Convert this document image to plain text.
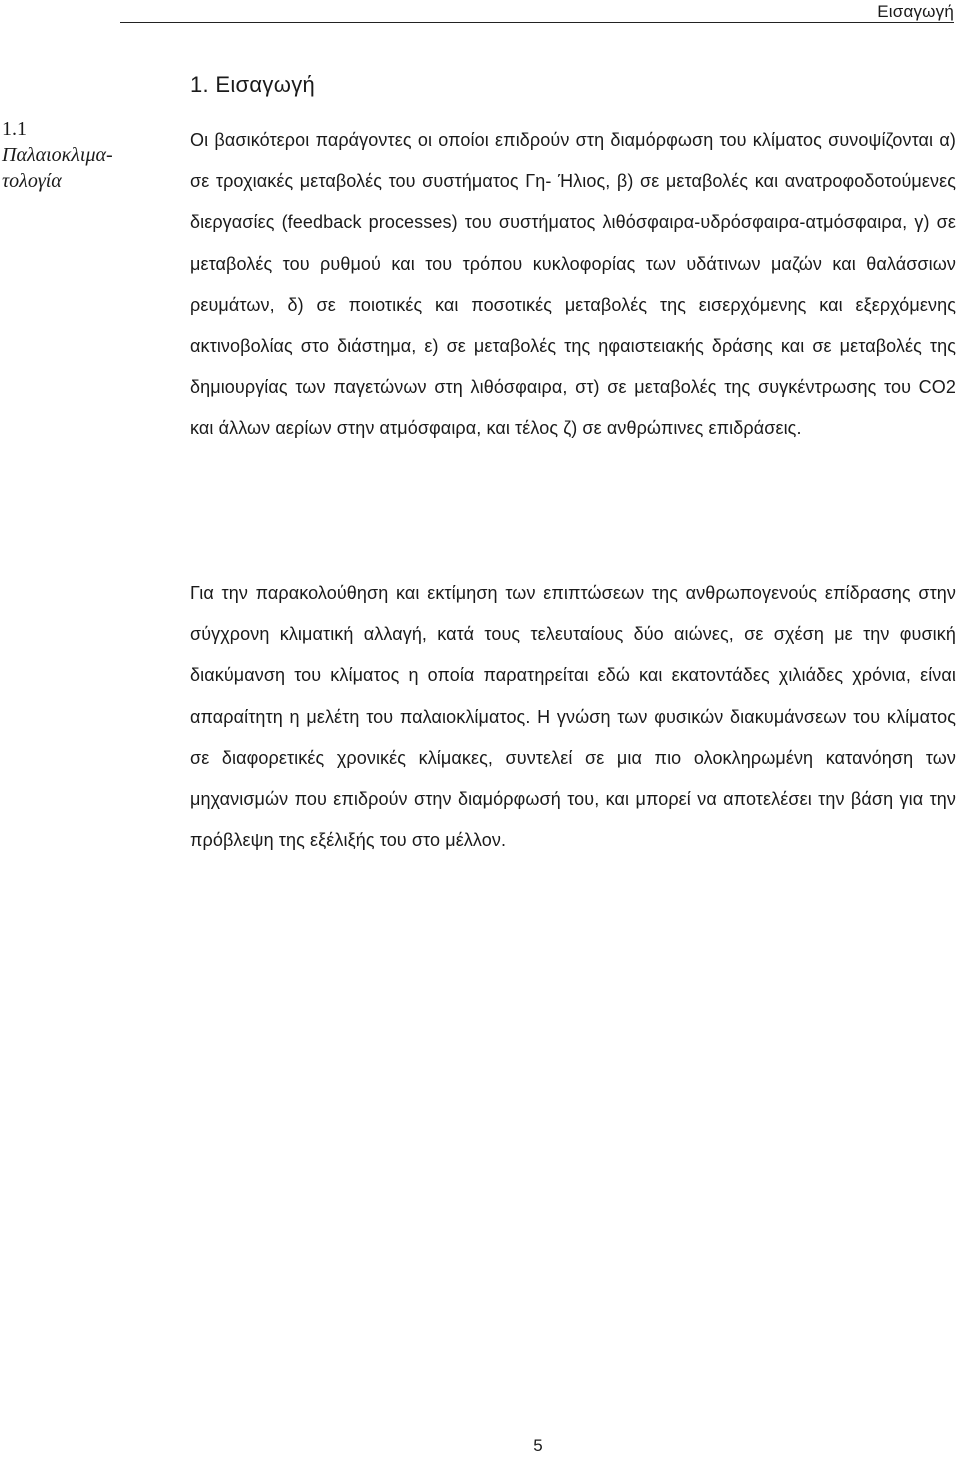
Εισαγωγή
1. Εισαγωγή
1.1
Παλαιοκλιμα-τολογία

Οι βασικότεροι παράγοντες οι οποίοι επιδρούν στη διαμόρφωση του κλίματος συνοψίζονται α) σε τροχιακές μεταβολές του συστήματος Γη- Ήλιος, β) σε μεταβολές και ανατροφοδοτούμενες διεργασίες (feedback processes) του συστήματος λιθόσφαιρα-υδρόσφαιρα-ατμόσφαιρα, γ) σε μεταβολές του ρυθμού και του τρόπου κυκλοφορίας των υδάτινων μαζών και θαλάσσιων ρευμάτων, δ) σε ποιοτικές και ποσοτικές μεταβολές της εισερχόμενης και εξερχόμενης ακτινοβολίας στο διάστημα, ε) σε μεταβολές της ηφαιστειακής δράσης και σε μεταβολές της δημιουργίας των παγετώνων στη λιθόσφαιρα, στ) σε μεταβολές της συγκέντρωσης του CO2 και άλλων αερίων στην ατμόσφαιρα, και τέλος ζ) σε ανθρώπινες επιδράσεις.

Για την παρακολούθηση και εκτίμηση των επιπτώσεων της ανθρωπογενούς επίδρασης στην σύγχρονη κλιματική αλλαγή, κατά τους τελευταίους δύο αιώνες, σε σχέση με την φυσική διακύμανση του κλίματος η οποία παρατηρείται εδώ και εκατοντάδες χιλιάδες χρόνια, είναι απαραίτητη η μελέτη του παλαιοκλίματος. Η γνώση των φυσικών διακυμάνσεων του κλίματος σε διαφορετικές χρονικές κλίμακες, συντελεί σε μια πιο ολοκληρωμένη κατανόηση των μηχανισμών που επιδρούν στην διαμόρφωσή του, και μπορεί να αποτελέσει την βάση για την πρόβλεψη της εξέλιξής του στο μέλλον.

5
